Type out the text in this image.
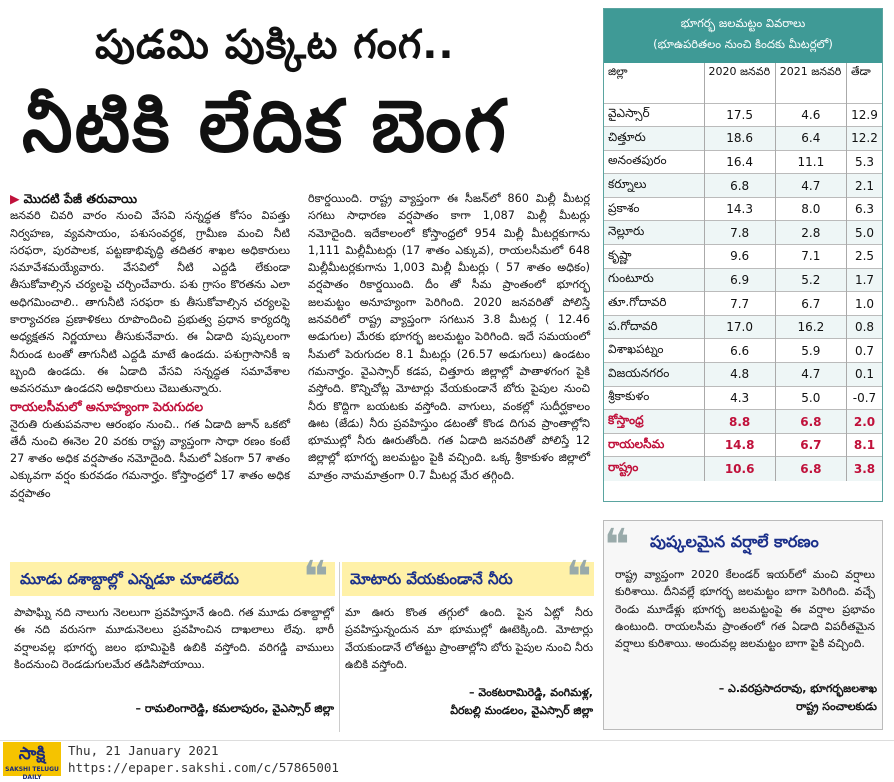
పుడమి పుక్కిట గంగ..
నీటికి లేదిక బెంగ

▶ మొదటి పేజీ తరువాయి

జనవరి చివరి వారం నుంచి వేసవి సన్నద్ధత కోసం విపత్తు నిర్వహణ, వ్యవసాయం, పశుసంవర్ధక, గ్రామీణ మంచి నీటి సరఫరా, పురపాలక, పట్టణాభివృద్ధి తదితర శాఖల అధికారులు సమావేశమయ్యేవారు. వేసవిలో నీటి ఎద్దడి లేకుండా తీసుకోవాల్సిన చర్యలపై చర్చించేవారు. పశు గ్రాసం కొరతను ఎలా అధిగమించాలి.. తాగునీటి సరఫరా కు తీసుకోవాల్సిన చర్యలపై కార్యాచరణ ప్రణాళికలు రూపొందించి ప్రభుత్వ ప్రధాన కార్యదర్శి అధ్యక్షతన నిర్ణయాలు తీసుకునేవారు. ఈ ఏడాది పుష్కలంగా నీరుండ టంతో తాగునీటి ఎద్దడి మాటే ఉండదు. పశుగ్రాసానికీ ఇ బ్బంది ఉండదు. ఈ ఏడాది వేసవి సన్నద్ధత సమావేశాల అవసరమూ ఉండదని అధికారులు చెబుతున్నారు.

రాయలసీమలో అనూహ్యంగా పెరుగుదల

నైరుతి రుతుపవనాల ఆరంభం నుంచి.. గత ఏడాది జూన్ ఒకటో తేదీ నుంచి ఈనెల 20 వరకు రాష్ట్ర వ్యాప్తంగా సాధా రణం కంటే 27 శాతం అధిక వర్షపాతం నమోదైంది. సీమలో ఏకంగా 57 శాతం ఎక్కువగా వర్షం కురవడం గమనార్హం. కోస్తాంధ్రలో 17 శాతం అధిక వర్షపాతం

రికార్డయింది. రాష్ట్ర వ్యాప్తంగా ఈ సీజన్‌లో 860 మిల్లీ మీటర్ల సగటు సాధారణ వర్షపాతం కాగా 1,087 మిల్లీ మీటర్లు నమోదైంది. ఇదేకాలంలో కోస్తాంధ్రలో 954 మిల్లీ మీటర్లకుగాను 1,111 మిల్లీమీటర్లు (17 శాతం ఎక్కువ), రాయలసీమలో 648 మిల్లీమీటర్లకుగాను 1,003 మిల్లీ మీటర్లు ( 57 శాతం అధికం) వర్షపాతం రికార్డయింది. దీం తో సీమ ప్రాంతంలో భూగర్భ జలమట్టం అనూహ్యంగా పెరిగింది. 2020 జనవరితో పోలిస్తే జనవరిలో రాష్ట్ర వ్యాప్తంగా సగటున 3.8 మీటర్ల ( 12.46 అడుగుల) మేరకు భూగర్భ జలమట్టం పెరిగింది. ఇదే సమయంలో సీమలో పెరుగుదల 8.1 మీటర్లు (26.57 అడుగులు) ఉండటం గమనార్హం. వైఎస్సార్ కడప, చిత్తూరు జిల్లాల్లో పాతాళగంగ పైకి వస్తోంది. కొన్నిచోట్ల మోటార్లు వేయకుండానే బోరు పైపుల నుంచి నీరు కొద్దిగా బయటకు వస్తోంది. వాగులు, వంకల్లో సుదీర్ఘకాలం ఊట (జేడు) నీరు ప్రవహిస్తుం డటంతో కొండ దిగువ ప్రాంతాల్లోని భూముల్లో నీరు ఊరుతోంది. గత ఏడాది జనవరితో పోలిస్తే 12 జిల్లాల్లో భూగర్భ జలమట్టం పైకి వచ్చింది. ఒక్క శ్రీకాకుళం జిల్లాలో మాత్రం నామమాత్రంగా 0.7 మీటర్ల మేర తగ్గింది.

భూగర్భ జలమట్టం వివరాలు
(భూఉపరితలం నుంచి కిందకు మీటర్లలో)
జిల్లా	2020 జనవరి	2021 జనవరి	తేడా
వైఎస్సార్	17.5	4.6	12.9
చిత్తూరు	18.6	6.4	12.2
అనంతపురం	16.4	11.1	5.3
కర్నూలు	6.8	4.7	2.1
ప్రకాశం	14.3	8.0	6.3
నెల్లూరు	7.8	2.8	5.0
కృష్ణా	9.6	7.1	2.5
గుంటూరు	6.9	5.2	1.7
తూ.గోదావరి	7.7	6.7	1.0
ప.గోదావరి	17.0	16.2	0.8
విశాఖపట్నం	6.6	5.9	0.7
విజయనగరం	4.8	4.7	0.1
శ్రీకాకుళం	4.3	5.0	-0.7
కోస్తాంధ్ర	8.8	6.8	2.0
రాయలసీమ	14.8	6.7	8.1
రాష్ట్రం	10.6	6.8	3.8
❝ పుష్కలమైన వర్షాలే కారణం
రాష్ట్ర వ్యాప్తంగా 2020 కేలండర్ ఇయర్‌లో మంచి వర్షాలు కురిశాయి. దీనివల్లే భూగర్భ జలమట్టం బాగా పెరిగింది. వచ్చే రెండు మూడేళ్లు భూగర్భ జలమట్టంపై ఈ వర్షాల ప్రభావం ఉంటుంది. రాయలసీమ ప్రాంతంలో గత ఏడాది విపరీతమైన వర్షాలు కురిశాయి. అందువల్ల జలమట్టం బాగా పైకి వచ్చింది.
– ఎ.వరప్రసాదరావు, భూగర్భజలశాఖ
రాష్ట్ర సంచాలకుడు
మూడు దశాబ్దాల్లో ఎన్నడూ చూడలేదు ❝
పాపాఘ్ని నది నాలుగు నెలలుగా ప్రవహిస్తూనే ఉంది. గత మూడు దశాబ్దాల్లో ఈ నది వరుసగా మూడునెలలు ప్రవహించిన దాఖలాలు లేవు. భారీ వర్షాలవల్ల భూగర్భ జలం భూమిపైకి ఉబికి వస్తోంది. వరిగడ్డి వాములు కిందనుంచి రెండడుగులమేర తడిసిపోయాయి.
– రామలింగారెడ్డి, కమలాపురం, వైఎస్సార్ జిల్లా
మోటారు వేయకుండానే నీరు ❝
మా ఊరు కొంత తగ్గులో ఉంది. పైన ఏట్లో నీరు ప్రవహిస్తున్నందున మా భూముల్లో ఊటెక్కింది. మోటార్లు వేయకుండానే లోతట్టు ప్రాంతాల్లోని బోరు పైపుల నుంచి నీరు ఉబికి వస్తోంది.
– వెంకటరామిరెడ్డి, వంగిమళ్ల,
వీరబల్లి మండలం, వైఎస్సార్ జిల్లా
సాక్షి
SAKSHI TELUGU DAILY
Thu, 21 January 2021
https://epaper.sakshi.com/c/57865001
